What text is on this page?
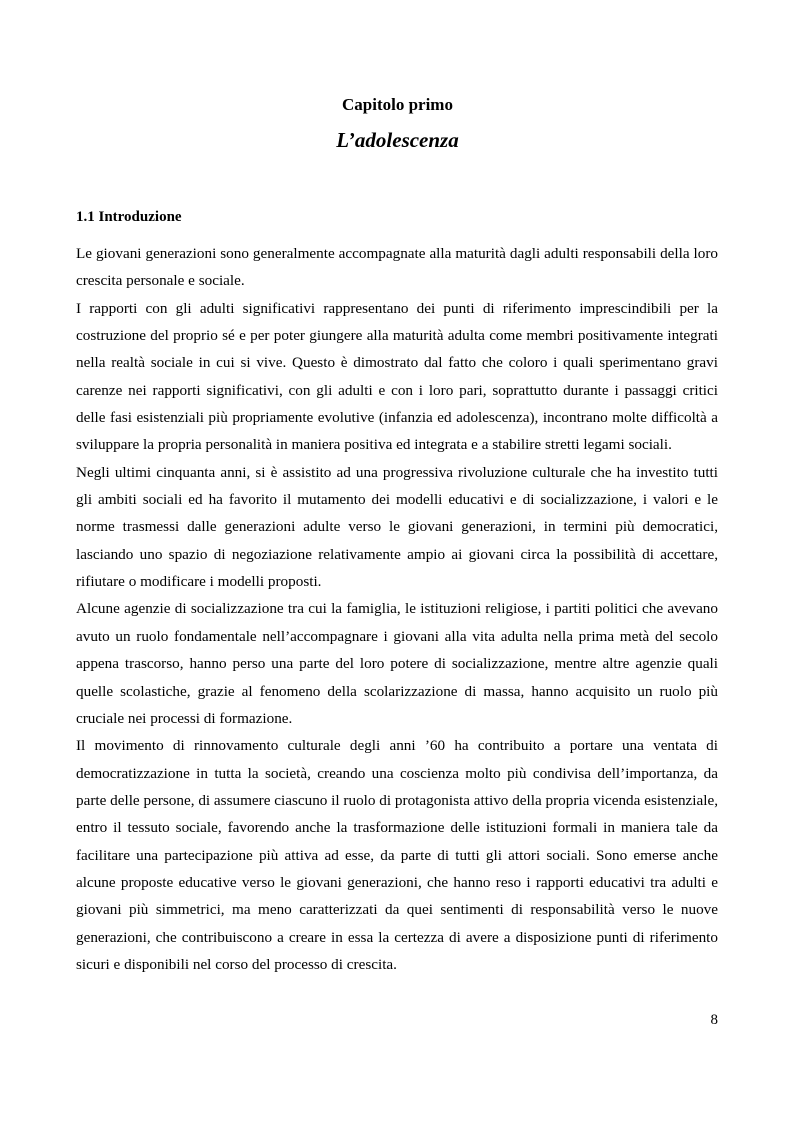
Capitolo primo
L’adolescenza
1.1 Introduzione

Le giovani generazioni sono generalmente accompagnate alla maturità dagli adulti responsabili della loro crescita personale e sociale.

I rapporti con gli adulti significativi rappresentano dei punti di riferimento imprescindibili per la costruzione del proprio sé e per poter giungere alla maturità adulta come membri positivamente integrati nella realtà sociale in cui si vive. Questo è dimostrato dal fatto che coloro i quali sperimentano gravi carenze nei rapporti significativi, con gli adulti e con i loro pari, soprattutto durante i passaggi critici delle fasi esistenziali più propriamente evolutive (infanzia ed adolescenza), incontrano molte difficoltà a sviluppare la propria personalità in maniera positiva ed integrata e a stabilire stretti legami sociali.

Negli ultimi cinquanta anni, si è assistito ad una progressiva rivoluzione culturale che ha investito tutti gli ambiti sociali ed ha favorito il mutamento dei modelli educativi e di socializzazione, i valori e le norme trasmessi dalle generazioni adulte verso le giovani generazioni, in termini più democratici, lasciando uno spazio di negoziazione relativamente ampio ai giovani circa la possibilità di accettare, rifiutare o modificare i modelli proposti.

Alcune agenzie di socializzazione tra cui la famiglia, le istituzioni religiose, i partiti politici che avevano avuto un ruolo fondamentale nell’accompagnare i giovani alla vita adulta nella prima metà del secolo appena trascorso, hanno perso una parte del loro potere di socializzazione, mentre altre agenzie quali quelle scolastiche, grazie al fenomeno della scolarizzazione di massa, hanno acquisito un ruolo più cruciale nei processi di formazione.

Il movimento di rinnovamento culturale degli anni ’60 ha contribuito a portare una ventata di democratizzazione in tutta la società, creando una coscienza molto più condivisa dell’importanza, da parte delle persone, di assumere ciascuno il ruolo di protagonista attivo della propria vicenda esistenziale, entro il tessuto sociale, favorendo anche la trasformazione delle istituzioni formali in maniera tale da facilitare una partecipazione più attiva ad esse, da parte di tutti gli attori sociali. Sono emerse anche alcune proposte educative verso le giovani generazioni, che hanno reso i rapporti educativi tra adulti e giovani più simmetrici, ma meno caratterizzati da quei sentimenti di responsabilità verso le nuove generazioni, che contribuiscono a creare in essa la certezza di avere a disposizione punti di riferimento sicuri e disponibili nel corso del processo di crescita.

8
